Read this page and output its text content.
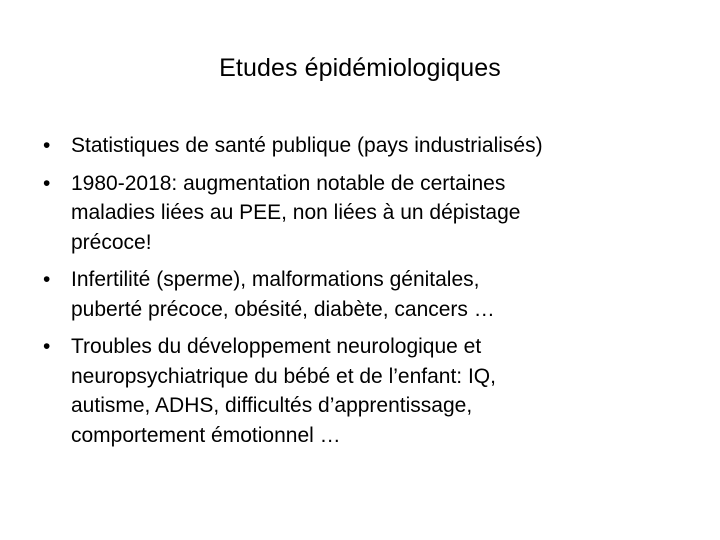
Etudes épidémiologiques
• Statistiques de santé publique (pays industrialisés)
• 1980-2018: augmentation notable de certaines
maladies liées au PEE, non liées à un dépistage
précoce!
• Infertilité (sperme), malformations génitales,
puberté précoce, obésité, diabète, cancers …
• Troubles du développement neurologique et
neuropsychiatrique du bébé et de l’enfant: IQ,
autisme, ADHS, difficultés d’apprentissage,
comportement émotionnel …
